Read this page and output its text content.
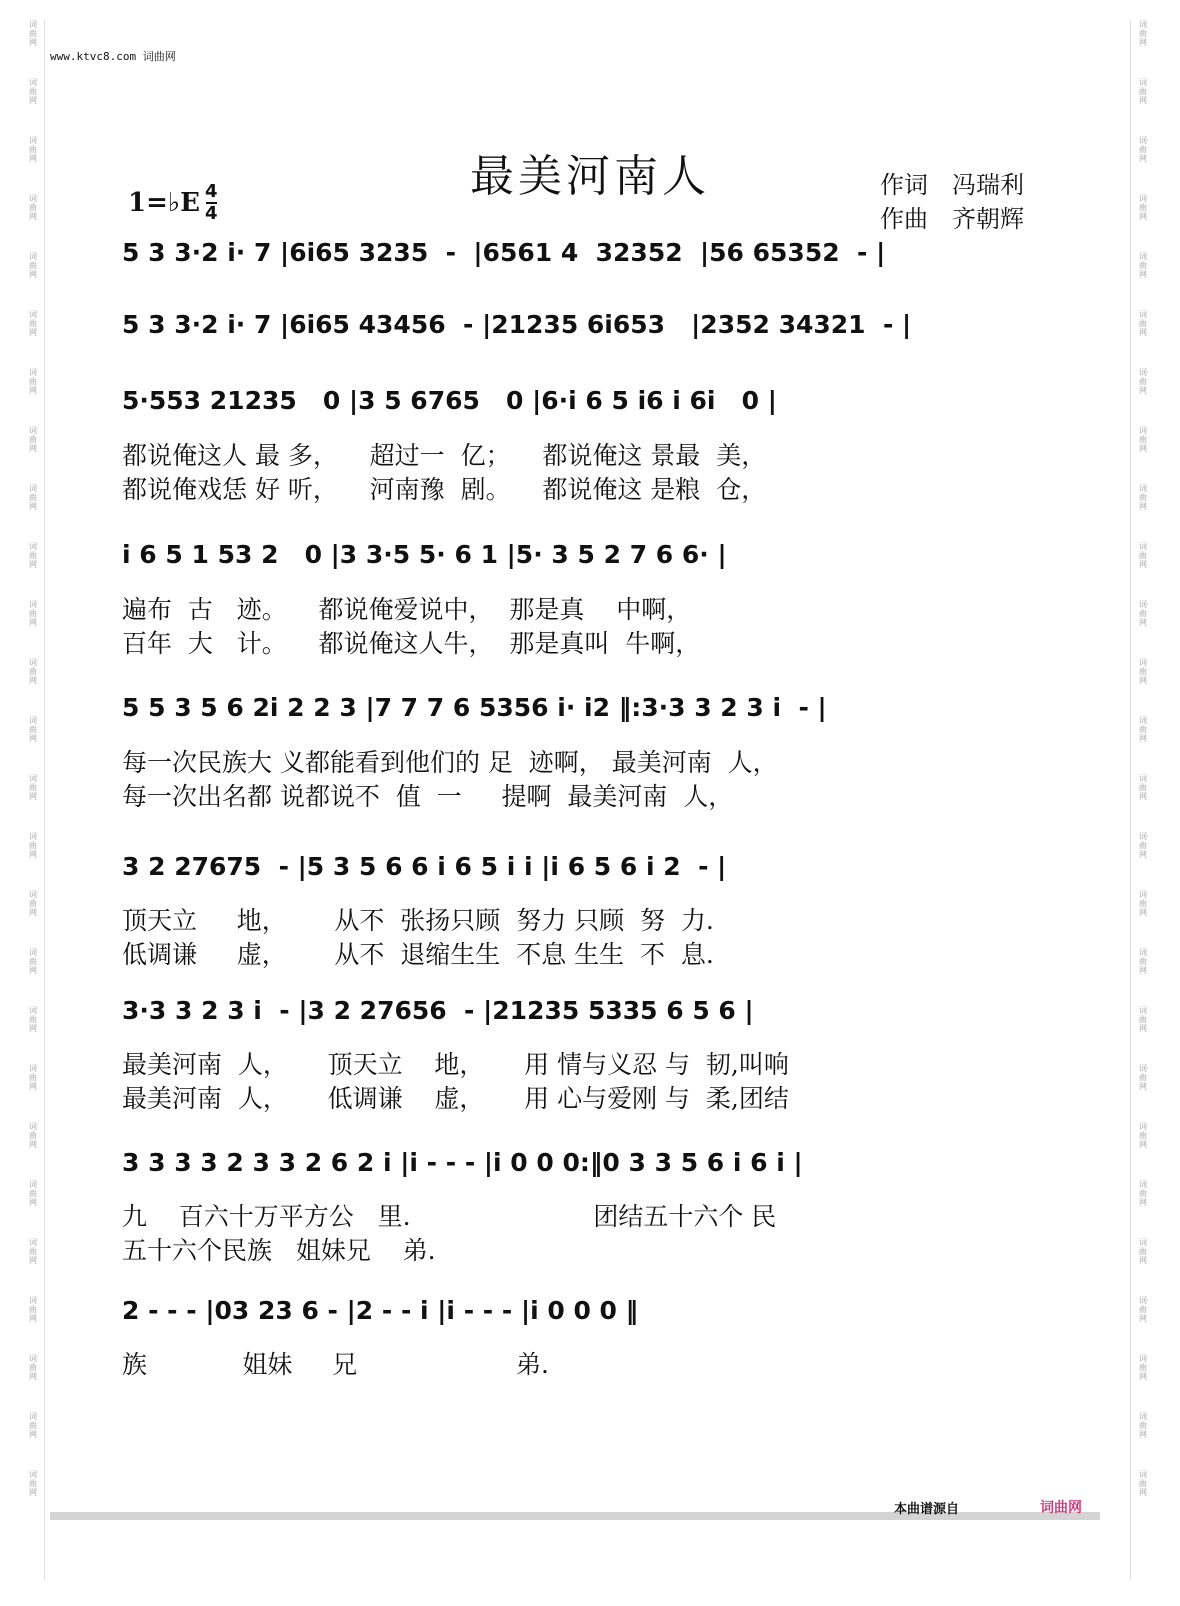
词
曲
网
词
曲
网
词
曲
网
词
曲
网
词
曲
网
词
曲
网
词
曲
网
词
曲
网
词
曲
网
词
曲
网
词
曲
网
词
曲
网
词
曲
网
词
曲
网
词
曲
网
词
曲
网
词
曲
网
词
曲
网
词
曲
网
词
曲
网
词
曲
网
词
曲
网
词
曲
网
词
曲
网
词
曲
网
词
曲
网
词
曲
网
词
曲
网
词
曲
网
词
曲
网
词
曲
网
词
曲
网
词
曲
网
词
曲
网
词
曲
网
词
曲
网
词
曲
网
词
曲
网
词
曲
网
词
曲
网
词
曲
网
词
曲
网
词
曲
网
词
曲
网
词
曲
网
词
曲
网
词
曲
网
词
曲
网
词
曲
网
词
曲
网
词
曲
网
词
曲
网
www.ktvc8.com 词曲网
最美河南人	作词　冯瑞利
作曲　齐朝辉
1=♭E 4
4
5 3 3·2 i· 7 |6i65 3235  -  |6561 4  32352  |56 65352  - |
5 3 3·2 i· 7 |6i65 43456  - |21235 6i653   |2352 34321  - |
5·553 21235   0 |3 5 6765   0 |6·i 6 5 i6 i 6i   0 |
都说俺这人 最 多，    超过一  亿；    都说俺这 景最  美，
都说俺戏恁 好 听，    河南豫  剧。    都说俺这 是粮  仓，
i 6 5 1 53 2   0 |3 3·5 5· 6 1 |5· 3 5 2 7 6 6· |
遍布  古   迹。    都说俺爱说中，  那是真    中啊，
百年  大   计。    都说俺这人牛，  那是真叫  牛啊，
5 5 3 5 6 2i 2 2 3 |7 7 7 6 5356 i· i2 ‖:3·3 3 2 3 i  - |
每一次民族大 义都能看到他们的 足  迹啊， 最美河南  人，
每一次出名都 说都说不  值  一     提啊  最美河南  人，
3 2 27675  - |5 3 5 6 6 i 6 5 i i |i 6 5 6 i 2  - |
顶天立     地，      从不  张扬只顾  努力 只顾  努  力.
低调谦     虚，      从不  退缩生生  不息 生生  不  息.
3·3 3 2 3 i  - |3 2 27656  - |21235 5335 6 5 6 |
最美河南  人，     顶天立    地，     用 情与义忍 与  韧,叫响
最美河南  人，     低调谦    虚，     用 心与爱刚 与  柔,团结
3 3 3 3 2 3 3 2 6 2 i |i - - - |i 0 0 0:‖0 3 3 5 6 i 6 i |
九    百六十万平方公   里.                       团结五十六个 民
五十六个民族   姐妹兄    弟.
2 - - - |03 23 6 - |2 - - i |i - - - |i 0 0 0 ‖
族            姐妹     兄                    弟.
本曲谱源自	词曲网
